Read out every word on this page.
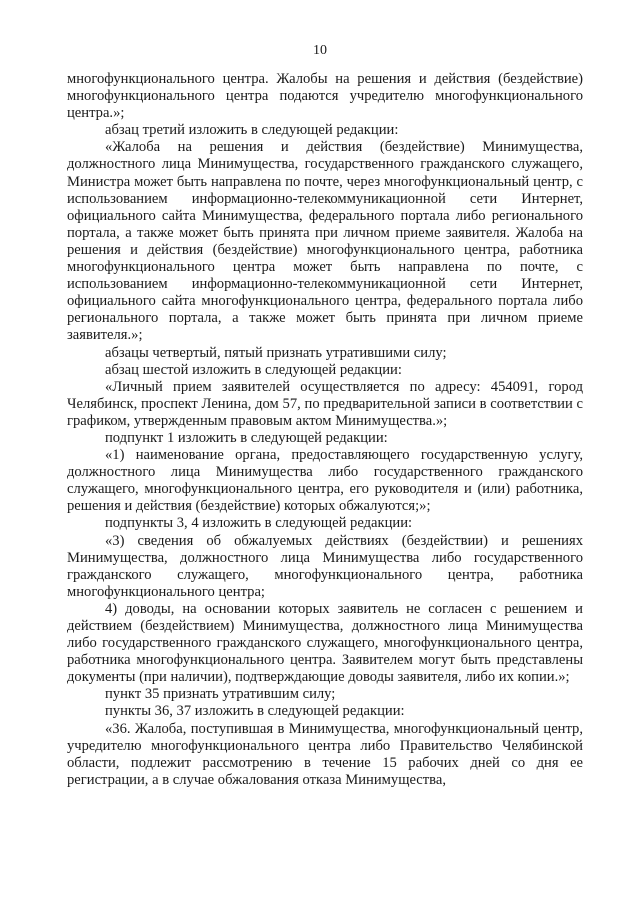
10

многофункционального центра. Жалобы на решения и действия (бездействие) многофункционального центра подаются учредителю многофункционального центра.»;

абзац третий изложить в следующей редакции:

«Жалоба на решения и действия (бездействие) Минимущества, должностного лица Минимущества, государственного гражданского служащего, Министра может быть направлена по почте, через многофункциональный центр, с использованием информационно-телекоммуникационной сети Интернет, официального сайта Минимущества, федерального портала либо регионального портала, а также может быть принята при личном приеме заявителя. Жалоба на решения и действия (бездействие) многофункционального центра, работника многофункционального центра может быть направлена по почте, с использованием информационно-телекоммуникационной сети Интернет, официального сайта многофункционального центра, федерального портала либо регионального портала, а также может быть принята при личном приеме заявителя.»;

абзацы четвертый, пятый признать утратившими силу;

абзац шестой изложить в следующей редакции:

«Личный прием заявителей осуществляется по адресу: 454091, город Челябинск, проспект Ленина, дом 57, по предварительной записи в соответствии с графиком, утвержденным правовым актом Минимущества.»;

подпункт 1 изложить в следующей редакции:

«1) наименование органа, предоставляющего государственную услугу, должностного лица Минимущества либо государственного гражданского служащего, многофункционального центра, его руководителя и (или) работника, решения и действия (бездействие) которых обжалуются;»;

подпункты 3, 4 изложить в следующей редакции:

«3) сведения об обжалуемых действиях (бездействии) и решениях Минимущества, должностного лица Минимущества либо государственного гражданского служащего, многофункционального центра, работника многофункционального центра;

4) доводы, на основании которых заявитель не согласен с решением и действием (бездействием) Минимущества, должностного лица Минимущества либо государственного гражданского служащего, многофункционального центра, работника многофункционального центра. Заявителем могут быть представлены документы (при наличии), подтверждающие доводы заявителя, либо их копии.»;

пункт 35 признать утратившим силу;

пункты 36, 37 изложить в следующей редакции:

«36. Жалоба, поступившая в Минимущества, многофункциональный центр, учредителю многофункционального центра либо Правительство Челябинской области, подлежит рассмотрению в течение 15 рабочих дней со дня ее регистрации, а в случае обжалования отказа Минимущества,
